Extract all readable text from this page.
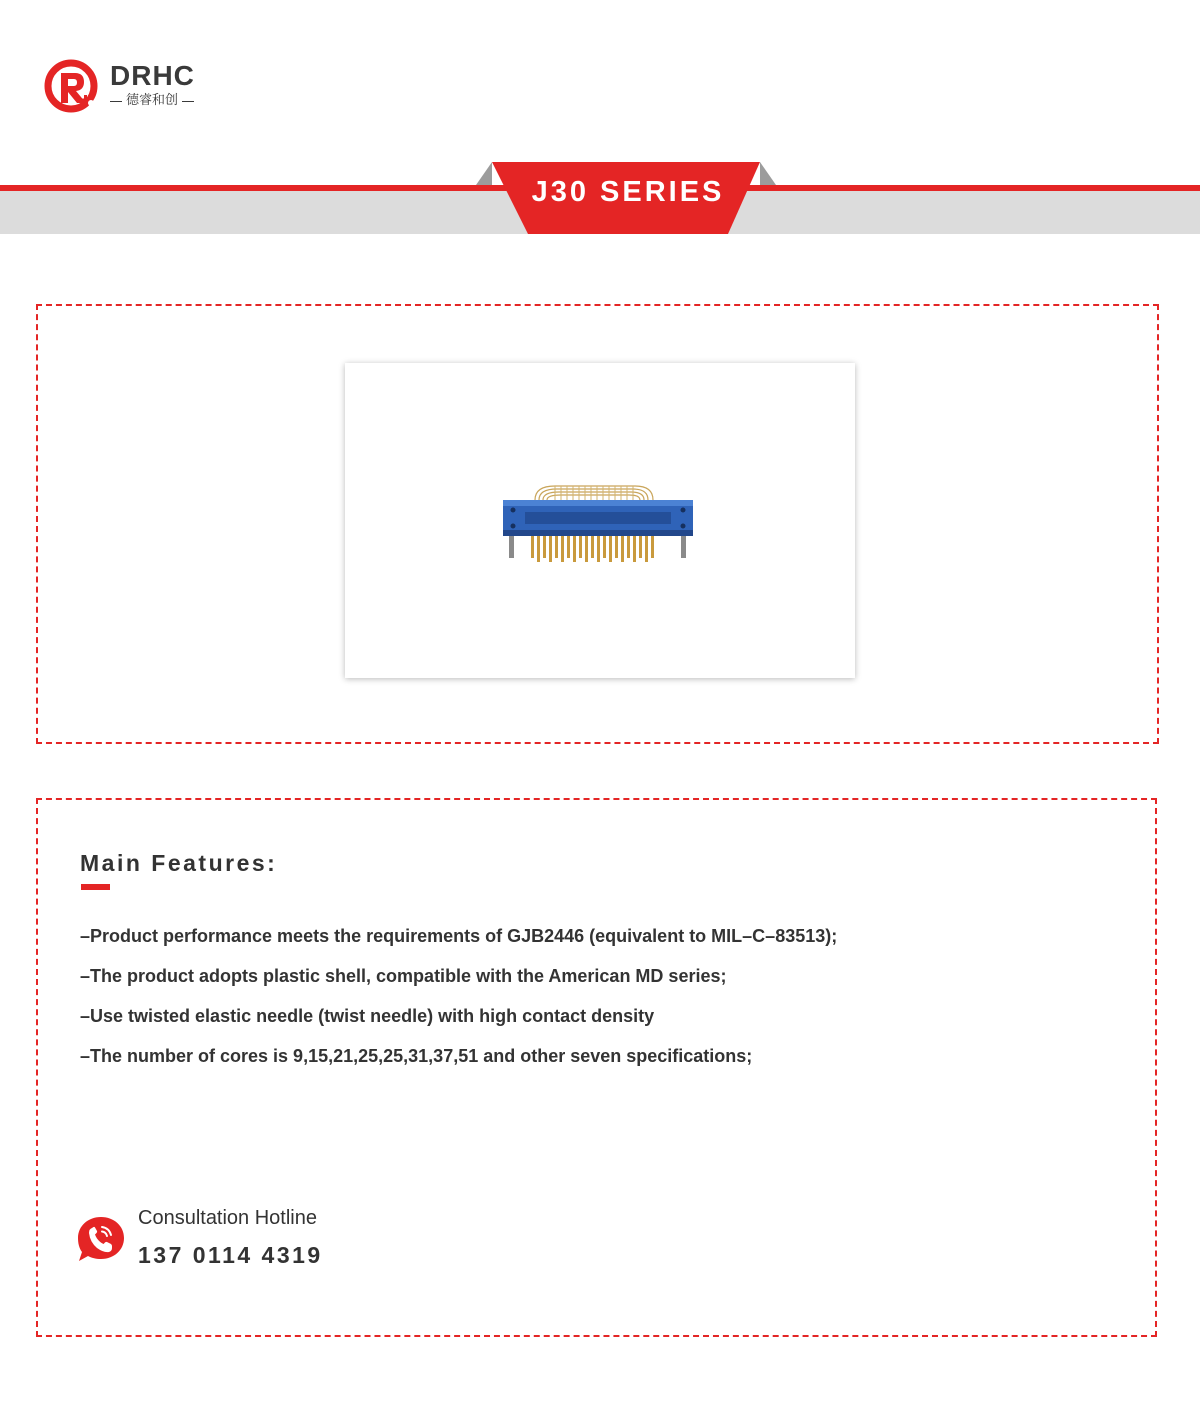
DRHC
德睿和创
J30 SERIES
Main Features:
–Product performance meets the requirements of GJB2446 (equivalent to MIL–C–83513);
–The product adopts plastic shell, compatible with the American MD series;
–Use twisted elastic needle (twist needle) with high contact density
–The number of cores is 9,15,21,25,25,31,37,51 and other seven specifications;
Consultation Hotline
137 0114 4319
